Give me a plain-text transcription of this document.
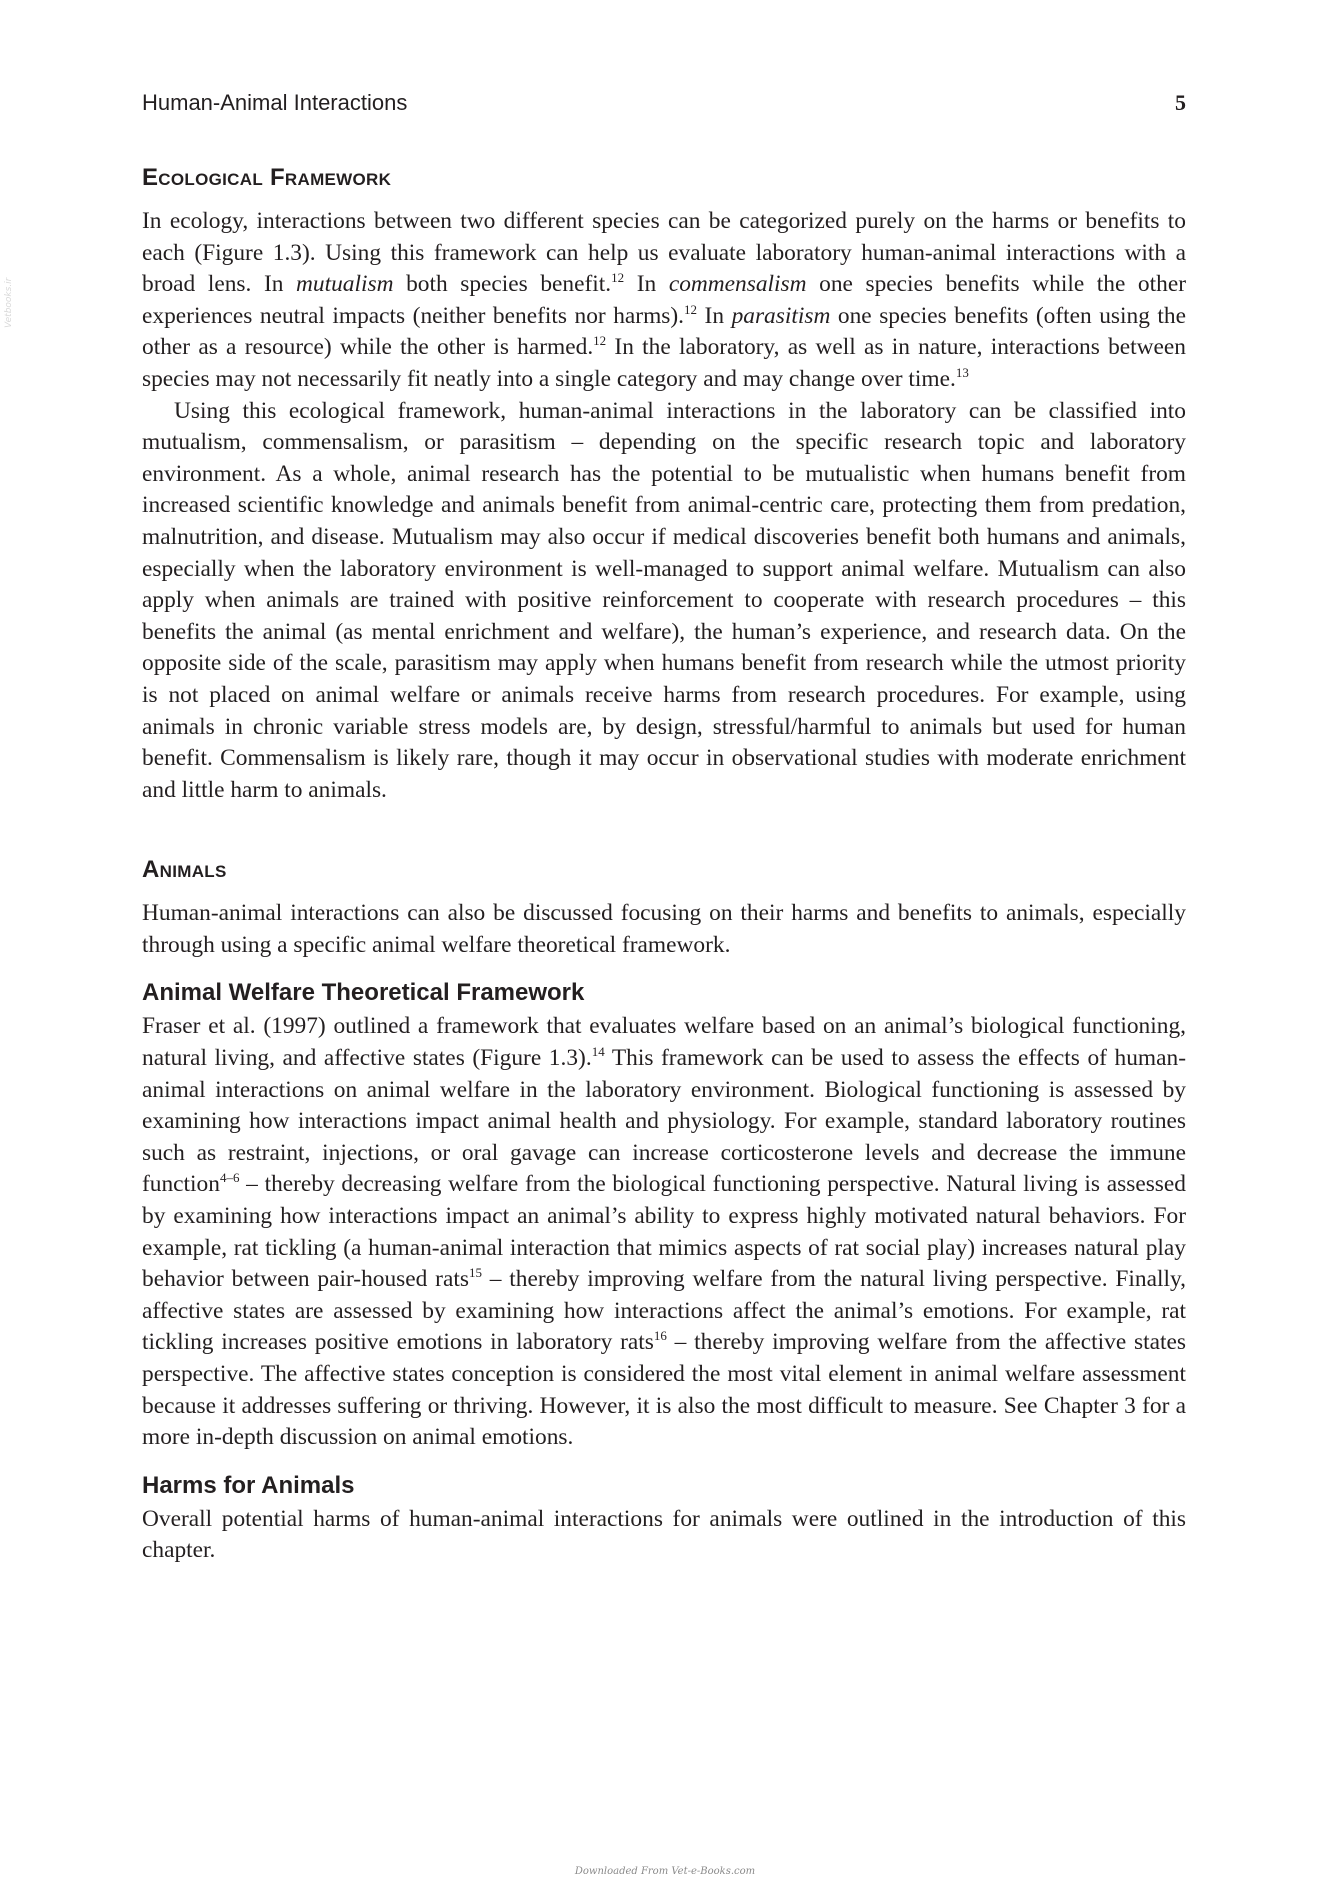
Vetbooks.ir
Human-Animal Interactions	5
Ecological Framework

In ecology, interactions between two different species can be categorized purely on the harms or benefits to each (Figure 1.3). Using this framework can help us evaluate laboratory human-animal interactions with a broad lens. In mutualism both species benefit.$^{12}$ In commensalism one species benefits while the other experiences neutral impacts (neither benefits nor harms).$^{12}$ In parasitism one species benefits (often using the other as a resource) while the other is harmed.$^{12}$ In the laboratory, as well as in nature, interactions between species may not necessarily fit neatly into a single category and may change over time.$^{13}$

Using this ecological framework, human-animal interactions in the laboratory can be classified into mutualism, commensalism, or parasitism – depending on the specific research topic and laboratory environment. As a whole, animal research has the potential to be mutualistic when humans benefit from increased scientific knowledge and animals benefit from animal-centric care, protecting them from predation, malnutrition, and disease. Mutualism may also occur if medical discoveries benefit both humans and animals, especially when the laboratory environment is well-managed to support animal welfare. Mutualism can also apply when animals are trained with positive reinforcement to cooperate with research procedures – this benefits the animal (as mental enrichment and welfare), the human’s experience, and research data. On the opposite side of the scale, parasitism may apply when humans benefit from research while the utmost priority is not placed on animal welfare or animals receive harms from research procedures. For example, using animals in chronic variable stress models are, by design, stressful/harmful to animals but used for human benefit. Commensalism is likely rare, though it may occur in observational studies with moderate enrichment and little harm to animals.

Animals

Human-animal interactions can also be discussed focusing on their harms and benefits to animals, especially through using a specific animal welfare theoretical framework.

Animal Welfare Theoretical Framework

Fraser et al. (1997) outlined a framework that evaluates welfare based on an animal’s biological functioning, natural living, and affective states (Figure 1.3).$^{14}$ This framework can be used to assess the effects of human-animal interactions on animal welfare in the laboratory environment. Biological functioning is assessed by examining how interactions impact animal health and physiology. For example, standard laboratory routines such as restraint, injections, or oral gavage can increase corticosterone levels and decrease the immune function$^{4-6}$ – thereby decreasing welfare from the biological functioning perspective. Natural living is assessed by examining how interactions impact an animal’s ability to express highly motivated natural behaviors. For example, rat tickling (a human-animal interaction that mimics aspects of rat social play) increases natural play behavior between pair-housed rats$^{15}$ – thereby improving welfare from the natural living perspective. Finally, affective states are assessed by examining how interactions affect the animal’s emotions. For example, rat tickling increases positive emotions in laboratory rats$^{16}$ – thereby improving welfare from the affective states perspective. The affective states conception is considered the most vital element in animal welfare assessment because it addresses suffering or thriving. However, it is also the most difficult to measure. See Chapter 3 for a more in-depth discussion on animal emotions.

Harms for Animals

Overall potential harms of human-animal interactions for animals were outlined in the introduction of this chapter.

Downloaded From Vet-e-Books.com
